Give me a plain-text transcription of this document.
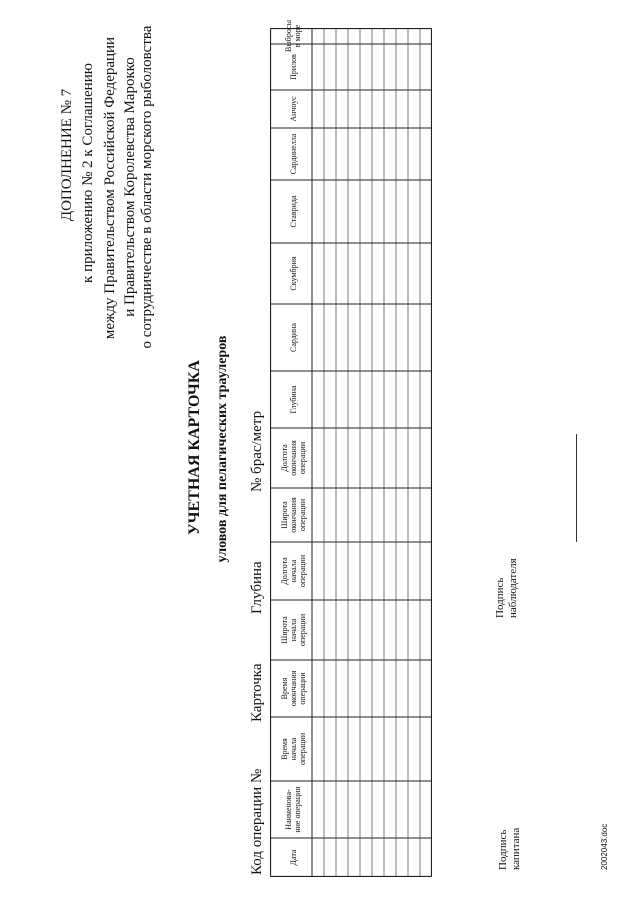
ДОПОЛНЕНИЕ № 7 к приложению № 2 к Соглашению между Правительством Российской Федерации и Правительством Королевства Марокко о сотрудничестве в области морского рыболовства
УЧЕТНАЯ КАРТОЧКА уловов для пелагических траулеров
Код операции №
Карточка
Глубина
№ брас/метр
Дата
Наименова-
ние операции
Время
начала
операции
Время
окончания
операции
Широта
начала
операции
Долгота
начала
операции
Широта
окончания
операции
Долгота
окончания
операции
Глубина
Сардина
Скумбрия
Ставрида
Сардинелла
Анчоус
Прилов
Выбросы
в море
Подпись
наблюдателя
Подпись
капитана	2002043.doc
